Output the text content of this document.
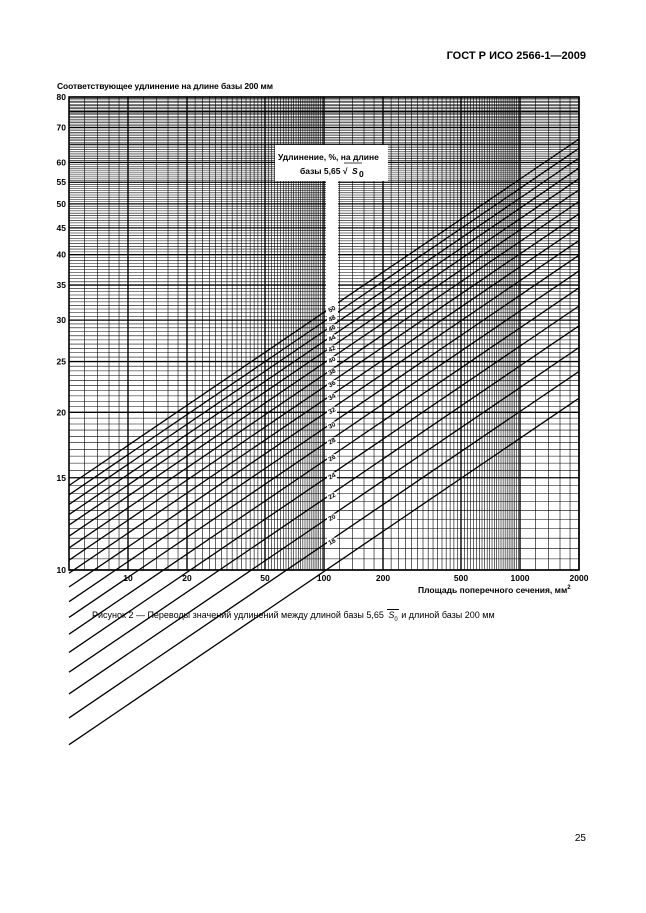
ГОСТ Р ИСО 2566-1—2009
Соответствующее удлинение на длине базы 200 мм
Удлинение, %, на длине
базы 5,65 √ S 0
18
20
22
24
26
28
30
32
34
36
38
40
42
44
46
48
50
10
15
20
25
30
35
40
45
50
55
60
70
80
10	20	50	100	200	500	1000	2000
Площадь поперечного сечения, $мм^2$
Рисунок 2 — Переводы значений удлинений между длиной базы 5,65 $S_0$ и длиной базы 200 мм
25
